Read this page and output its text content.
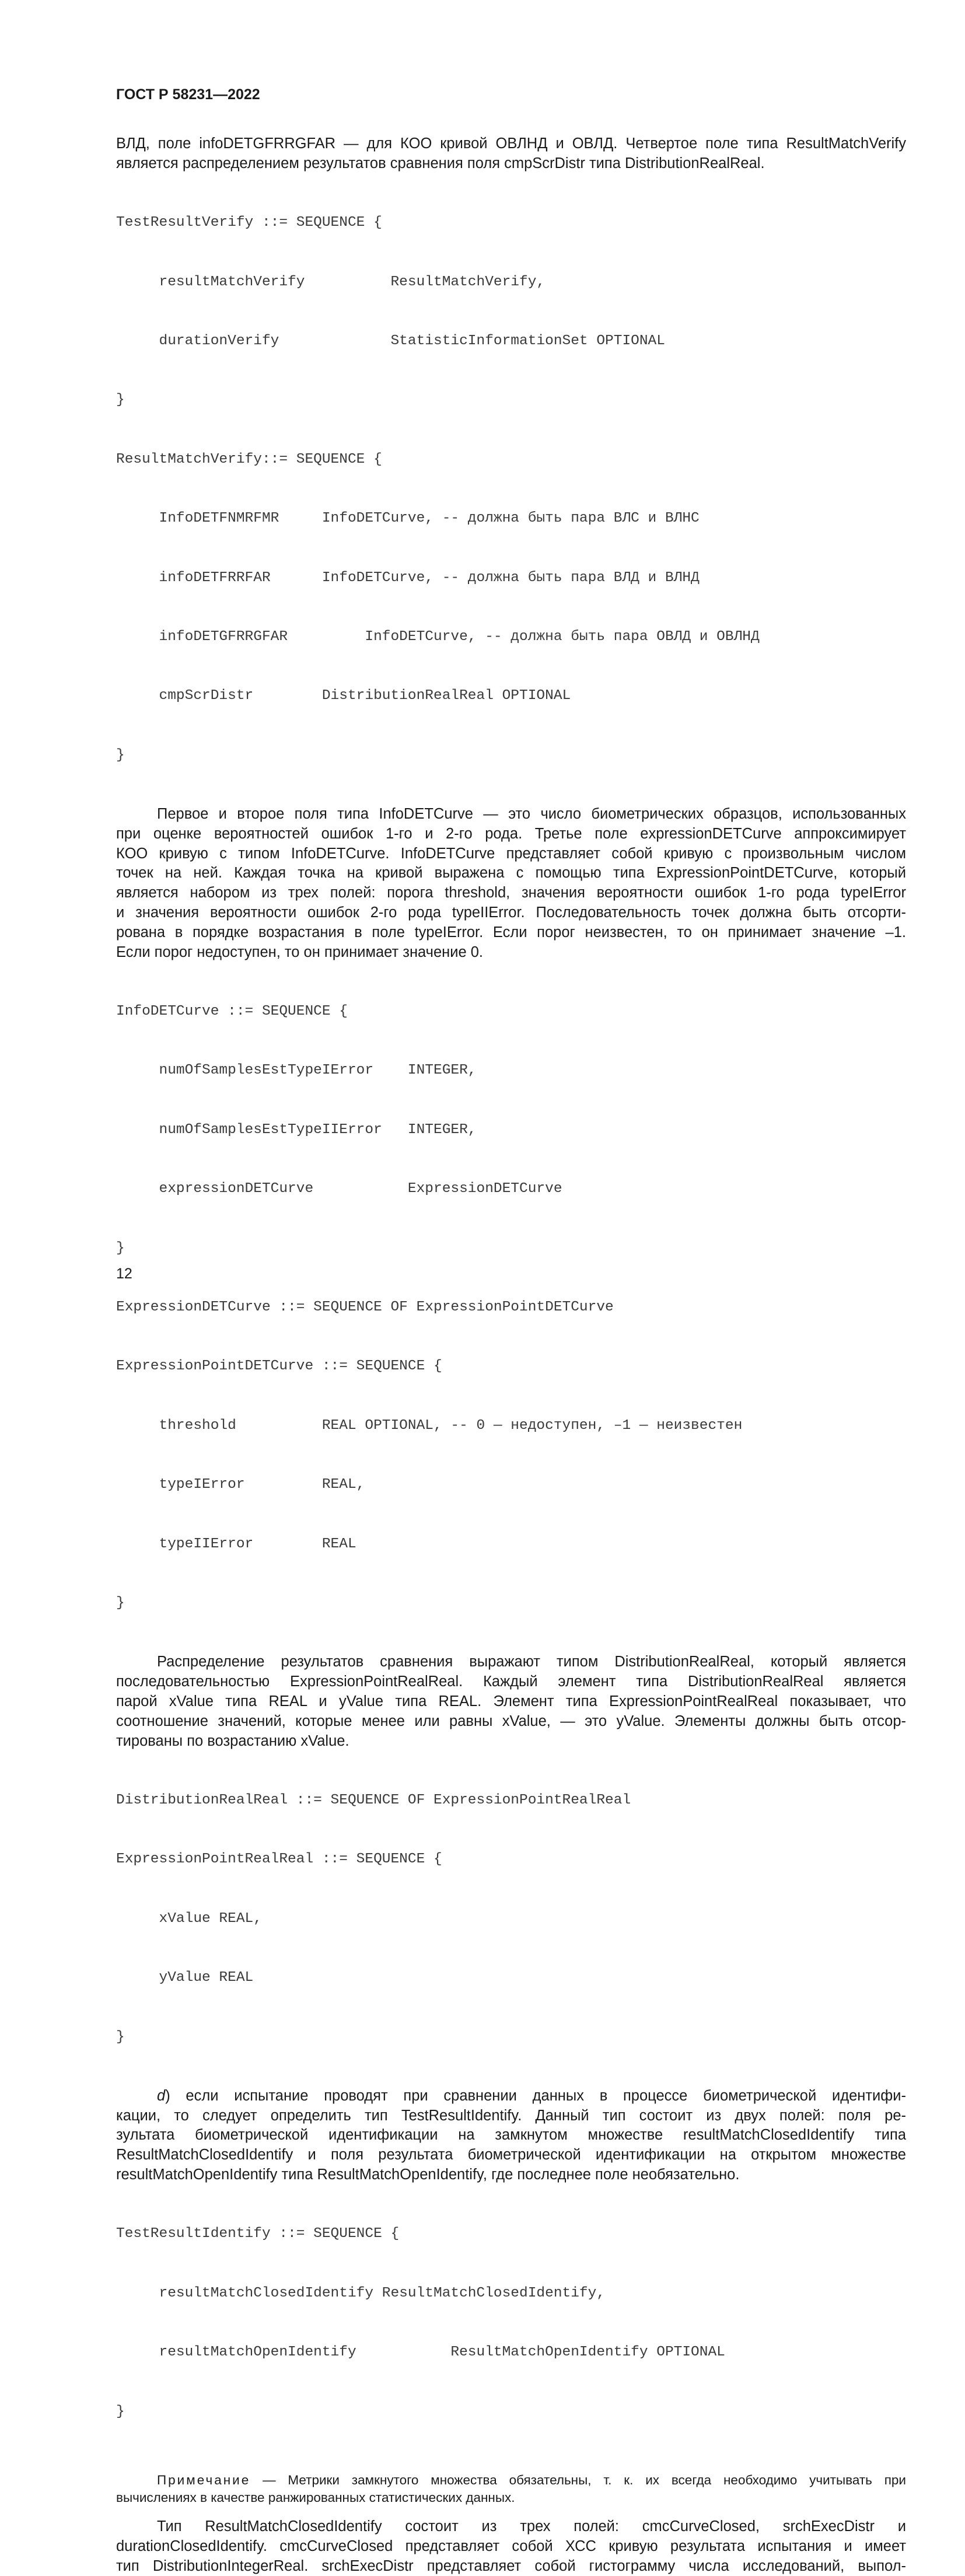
ГОСТ Р 58231—2022
ВЛД, поле infoDETGFRRGFAR — для КОО кривой ОВЛНД и ОВЛД. Четвертое поле типа ResultMatchVerify
является распределением результатов сравнения поля cmpScrDistr типа DistributionRealReal.

TestResultVerify ::= SEQUENCE {

resultMatchVerify          ResultMatchVerify,

durationVerify             StatisticInformationSet OPTIONAL

}

ResultMatchVerify::= SEQUENCE {

InfoDETFNMRFMR     InfoDETCurve, -- должна быть пара ВЛС и ВЛНС

infoDETFRRFAR      InfoDETCurve, -- должна быть пара ВЛД и ВЛНД

infoDETGFRRGFAR         InfoDETCurve, -- должна быть пара ОВЛД и ОВЛНД

cmpScrDistr        DistributionRealReal OPTIONAL

}

Первое и второе поля типа InfoDETCurve — это число биометрических образцов, использованных
при оценке вероятностей ошибок 1-го и 2-го рода. Третье поле expressionDETCurve аппроксимирует
КОО кривую с типом InfoDETCurve. InfoDETCurve представляет собой кривую с произвольным числом
точек на ней. Каждая точка на кривой выражена с помощью типа ExpressionPointDETCurve, который
является набором из трех полей: порога threshold, значения вероятности ошибок 1-го рода typeIError
и значения вероятности ошибок 2-го рода typeIIError. Последовательность точек должна быть отсорти-
рована в порядке возрастания в поле typeIError. Если порог неизвестен, то он принимает значение –1.
Если порог недоступен, то он принимает значение 0.

InfoDETCurve ::= SEQUENCE {

numOfSamplesEstTypeIError    INTEGER,

numOfSamplesEstTypeIIError   INTEGER,

expressionDETCurve           ExpressionDETCurve

}

ExpressionDETCurve ::= SEQUENCE OF ExpressionPointDETCurve

ExpressionPointDETCurve ::= SEQUENCE {

threshold          REAL OPTIONAL, -- 0 — недоступен, –1 — неизвестен

typeIError         REAL,

typeIIError        REAL

}

Распределение результатов сравнения выражают типом DistributionRealReal, который является
последовательностью ExpressionPointRealReal. Каждый элемент типа DistributionRealReal является
парой xValue типа REAL и yValue типа REAL. Элемент типа ExpressionPointRealReal показывает, что
соотношение значений, которые менее или равны xValue, — это yValue. Элементы должны быть отсор-
тированы по возрастанию xValue.

DistributionRealReal ::= SEQUENCE OF ExpressionPointRealReal

ExpressionPointRealReal ::= SEQUENCE {

xValue REAL,

yValue REAL

}

d) если испытание проводят при сравнении данных в процессе биометрической идентифи-
кации, то следует определить тип TestResultIdentify. Данный тип состоит из двух полей: поля ре-
зультата биометрической идентификации на замкнутом множестве resultMatchClosedIdentify типа
ResultMatchClosedIdentify и поля результата биометрической идентификации на открытом множестве
resultMatchOpenIdentify типа ResultMatchOpenIdentify, где последнее поле необязательно.

TestResultIdentify ::= SEQUENCE {

resultMatchClosedIdentify ResultMatchClosedIdentify,

resultMatchOpenIdentify           ResultMatchOpenIdentify OPTIONAL

}

Примечание — Метрики замкнутого множества обязательны, т. к. их всегда необходимо учитывать при
вычислениях в качестве ранжированных статистических данных.
Тип ResultMatchClosedIdentify состоит из трех полей: cmcCurveClosed, srchExecDistr и
durationClosedIdentify. cmcCurveClosed представляет собой ХСС кривую результата испытания и имеет
тип DistributionIntegerReal. srchExecDistr представляет собой гистограмму числа исследований, выпол-
12
